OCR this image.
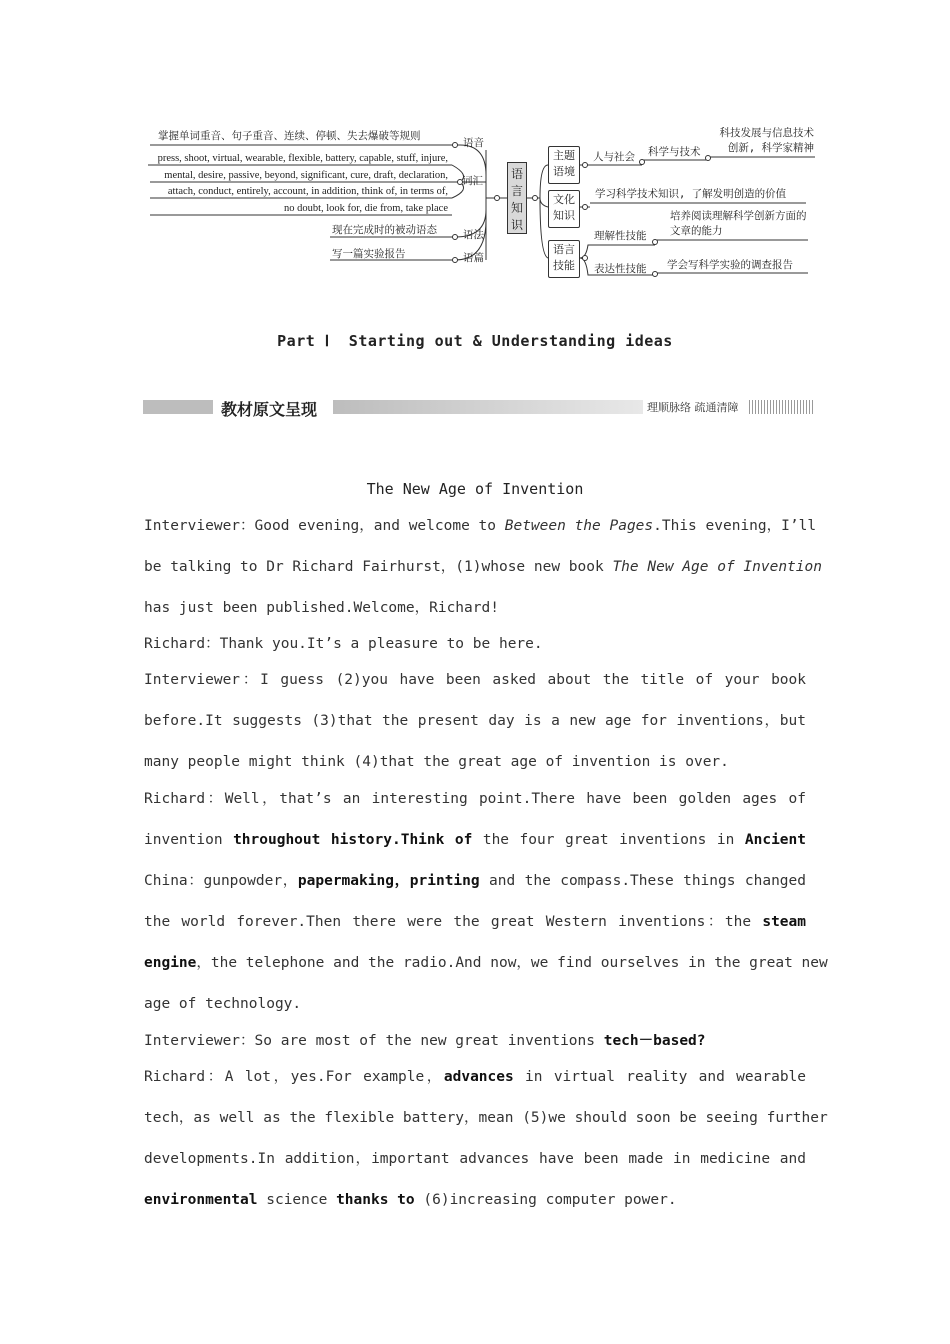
掌握单词重音、句子重音、连续、停顿、失去爆破等规则
语音
press, shoot, virtual, wearable, flexible, battery, capable, stuff, injure,
mental, desire, passive, beyond, significant, cure, draft, declaration,
attach, conduct, entirely, account, in addition, think of, in terms of,
no doubt, look for, die from, take place
词汇
现在完成时的被动语态 语法
写一篇实验报告	语篇
语言知识
主题语境
人与社会 科学与技术
科技发展与信息技术创新, 科学家精神
文化知识
学习科学技术知识, 了解发明创造的价值
语言技能
理解性技能
培养阅读理解科学创新方面的文章的能力
表达性技能 学会写科学实验的调查报告
Part Ⅰ  Starting out & Understanding ideas
教材原文呈现	理顺脉络 疏通清障
The New Age of Invention
Interviewer：Good evening，and welcome to Between the Pages.This evening，I’ll
be talking to Dr Richard Fairhurst，(1)whose new book The New Age of Invention
has just been published.Welcome，Richard!
Richard：Thank you.It’s a pleasure to be here.
Interviewer：I guess (2)you have been asked about the title of your book
before.It suggests (3)that the present day is a new age for inventions，but
many people might think (4)that the great age of invention is over.
Richard：Well，that’s an interesting point.There have been golden ages of
invention throughout history.Think of the four great inventions in Ancient
China：gunpowder，papermaking，printing and the compass.These things changed
the world forever.Then there were the great Western inventions：the steam
engine，the telephone and the radio.And now，we find ourselves in the great new
age of technology.
Interviewer：So are most of the new great inventions tech－based?
Richard：A lot，yes.For example，advances in virtual reality and wearable
tech，as well as the flexible battery，mean (5)we should soon be seeing further
developments.In addition，important advances have been made in medicine and
environmental science thanks to (6)increasing computer power.
